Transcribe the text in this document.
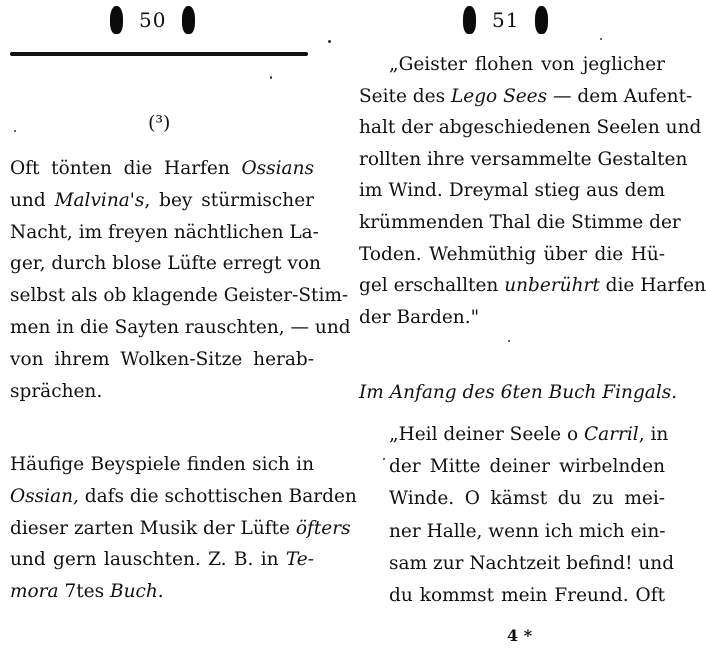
50
(³)
Oft tönten die Harfen Ossians
und Malvina's, bey stürmischer
Nacht, im freyen nächtlichen La-
ger, durch blose Lüfte erregt von
selbst als ob klagende Geister-Stim-
men in die Sayten rauschten, — und
von ihrem Wolken-Sitze herab-
sprächen.
Häufige Beyspiele finden sich in
Ossian, dafs die schottischen Barden
dieser zarten Musik der Lüfte öfters
und gern lauschten. Z. B. in Te-
mora 7tes Buch.
51
„Geister flohen von jeglicher
Seite des Lego Sees — dem Aufent-
halt der abgeschiedenen Seelen und
rollten ihre versammelte Gestalten
im Wind. Dreymal stieg aus dem
krümmenden Thal die Stimme der
Toden. Wehmüthig über die Hü-
gel erschallten unberührt die Harfen
der Barden."
Im Anfang des 6ten Buch Fingals.
„Heil deiner Seele o Carril, in
der Mitte deiner wirbelnden
Winde. O kämst du zu mei-
ner Halle, wenn ich mich ein-
sam zur Nachtzeit befind! und
du kommst mein Freund. Oft
4 *
